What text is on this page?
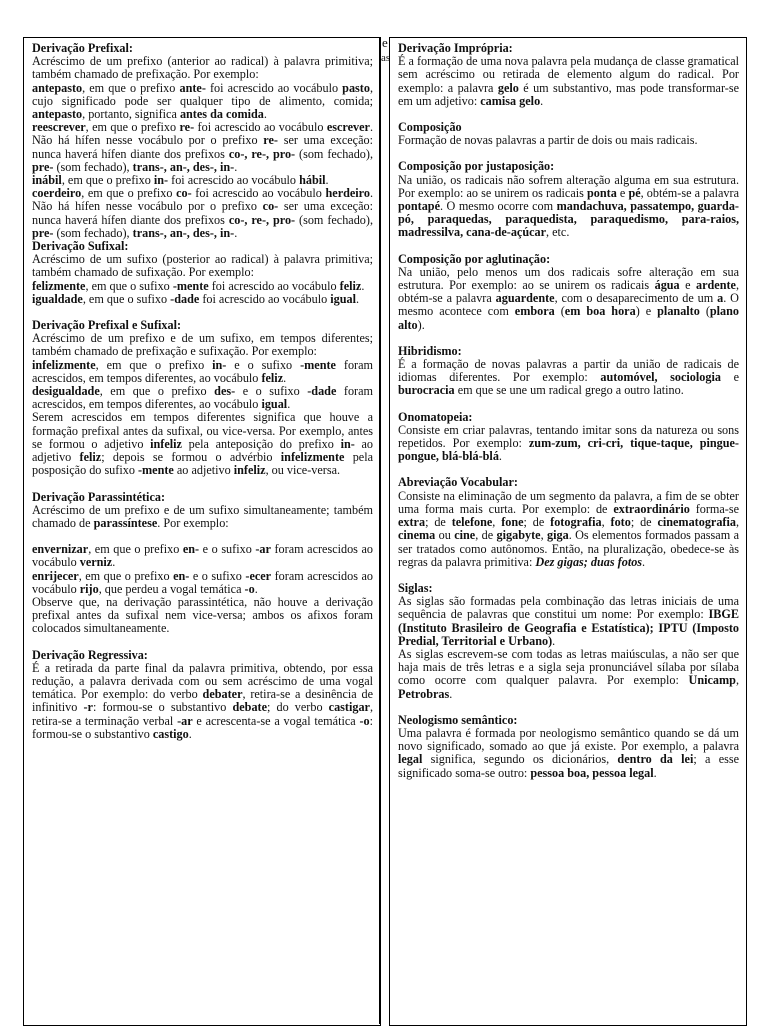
e
as
Derivação Prefixal:

Acréscimo de um prefixo (anterior ao radical) à palavra primitiva; também chamado de prefixação. Por exemplo:

antepasto, em que o prefixo ante- foi acrescido ao vocábulo pasto, cujo significado pode ser qualquer tipo de alimento, comida; antepasto, portanto, significa antes da comida.

reescrever, em que o prefixo re- foi acrescido ao vocábulo escrever. Não há hífen nesse vocábulo por o prefixo re- ser uma exceção: nunca haverá hífen diante dos prefixos co-, re-, pro- (som fechado), pre- (som fechado), trans-, an-, des-, in-.

inábil, em que o prefixo in- foi acrescido ao vocábulo hábil.

coerdeiro, em que o prefixo co- foi acrescido ao vocábulo herdeiro. Não há hífen nesse vocábulo por o prefixo co- ser uma exceção: nunca haverá hífen diante dos prefixos co-, re-, pro- (som fechado), pre- (som fechado), trans-, an-, des-, in-.

Derivação Sufixal:

Acréscimo de um sufixo (posterior ao radical) à palavra primitiva; também chamado de sufixação. Por exemplo:

felizmente, em que o sufixo -mente foi acrescido ao vocábulo feliz.

igualdade, em que o sufixo -dade foi acrescido ao vocábulo igual.

Derivação Prefixal e Sufixal:

Acréscimo de um prefixo e de um sufixo, em tempos diferentes; também chamado de prefixação e sufixação. Por exemplo:

infelizmente, em que o prefixo in- e o sufixo -mente foram acrescidos, em tempos diferentes, ao vocábulo feliz.

desigualdade, em que o prefixo des- e o sufixo -dade foram acrescidos, em tempos diferentes, ao vocábulo igual.

Serem acrescidos em tempos diferentes significa que houve a formação prefixal antes da sufixal, ou vice-versa. Por exemplo, antes se formou o adjetivo infeliz pela anteposição do prefixo in- ao adjetivo feliz; depois se formou o advérbio infelizmente pela posposição do sufixo -mente ao adjetivo infeliz, ou vice-versa.

Derivação Parassintética:

Acréscimo de um prefixo e de um sufixo simultaneamente; também chamado de parassíntese. Por exemplo:

envernizar, em que o prefixo en- e o sufixo -ar foram acrescidos ao vocábulo verniz.

enrijecer, em que o prefixo en- e o sufixo -ecer foram acrescidos ao vocábulo rijo, que perdeu a vogal temática -o.

Observe que, na derivação parassintética, não houve a derivação prefixal antes da sufixal nem vice-versa; ambos os afixos foram colocados simultaneamente.

Derivação Regressiva:

É a retirada da parte final da palavra primitiva, obtendo, por essa redução, a palavra derivada com ou sem acréscimo de uma vogal temática. Por exemplo: do verbo debater, retira-se a desinência de infinitivo -r: formou-se o substantivo debate; do verbo castigar, retira-se a terminação verbal -ar e acrescenta-se a vogal temática -o: formou-se o substantivo castigo.

Derivação Imprópria:

É a formação de uma nova palavra pela mudança de classe gramatical sem acréscimo ou retirada de elemento algum do radical. Por exemplo: a palavra gelo é um substantivo, mas pode transformar-se em um adjetivo: camisa gelo.

Composição

Formação de novas palavras a partir de dois ou mais radicais.

Composição por justaposição:

Na união, os radicais não sofrem alteração alguma em sua estrutura. Por exemplo: ao se unirem os radicais ponta e pé, obtém-se a palavra pontapé. O mesmo ocorre com mandachuva, passatempo, guarda-pó, paraquedas, paraquedista, paraquedismo, para-raios, madressilva, cana-de-açúcar, etc.

Composição por aglutinação:

Na união, pelo menos um dos radicais sofre alteração em sua estrutura. Por exemplo: ao se unirem os radicais água e ardente, obtém-se a palavra aguardente, com o desaparecimento de um a. O mesmo acontece com embora (em boa hora) e planalto (plano alto).

Hibridismo:

É a formação de novas palavras a partir da união de radicais de idiomas diferentes. Por exemplo: automóvel, sociologia e burocracia em que se une um radical grego a outro latino.

Onomatopeia:

Consiste em criar palavras, tentando imitar sons da natureza ou sons repetidos. Por exemplo: zum-zum, cri-cri, tique-taque, pingue-pongue, blá-blá-blá.

Abreviação Vocabular:

Consiste na eliminação de um segmento da palavra, a fim de se obter uma forma mais curta. Por exemplo: de extraordinário forma-se extra; de telefone, fone; de fotografia, foto; de cinematografia, cinema ou cine, de gigabyte, giga. Os elementos formados passam a ser tratados como autônomos. Então, na pluralização, obedece-se às regras da palavra primitiva: Dez gigas; duas fotos.

Siglas:

As siglas são formadas pela combinação das letras iniciais de uma sequência de palavras que constitui um nome: Por exemplo: IBGE (Instituto Brasileiro de Geografia e Estatística); IPTU (Imposto Predial, Territorial e Urbano).

As siglas escrevem-se com todas as letras maiúsculas, a não ser que haja mais de três letras e a sigla seja pronunciável sílaba por sílaba como ocorre com qualquer palavra. Por exemplo: Unicamp, Petrobras.

Neologismo semântico:

Uma palavra é formada por neologismo semântico quando se dá um novo significado, somado ao que já existe. Por exemplo, a palavra legal significa, segundo os dicionários, dentro da lei; a esse significado soma-se outro: pessoa boa, pessoa legal.
